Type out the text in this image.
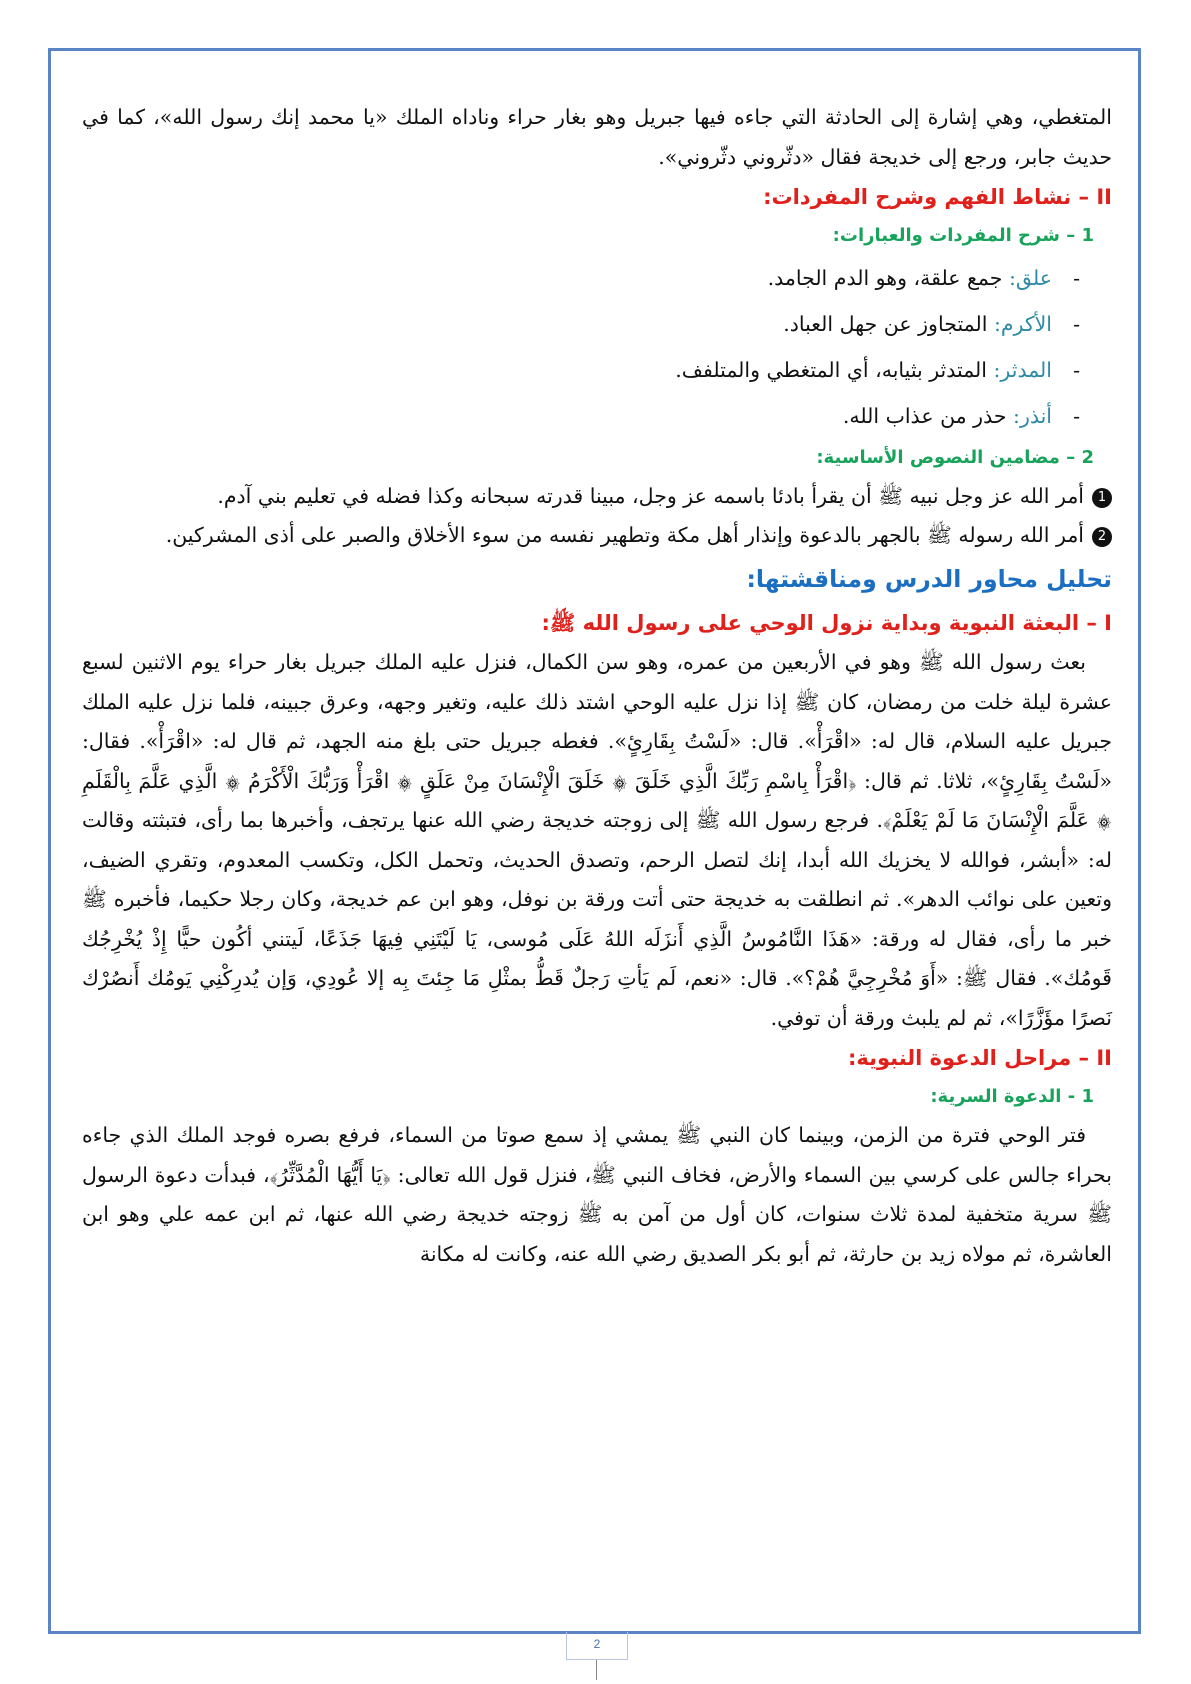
المتغطي، وهي إشارة إلى الحادثة التي جاءه فيها جبريل وهو بغار حراء وناداه الملك «يا محمد إنك رسول الله»، كما في حديث جابر، ورجع إلى خديجة فقال «دثّروني دثّروني».

II – نشاط الفهم وشرح المفردات:

1 – شرح المفردات والعبارات:

-علق: جمع علقة، وهو الدم الجامد.
-الأكرم: المتجاوز عن جهل العباد.
-المدثر: المتدثر بثيابه، أي المتغطي والمتلفف.
-أنذر: حذر من عذاب الله.

2 – مضامين النصوص الأساسية:

1أمر الله عز وجل نبيه ﷺ أن يقرأ بادئا باسمه عز وجل، مبينا قدرته سبحانه وكذا فضله في تعليم بني آدم.
2أمر الله رسوله ﷺ بالجهر بالدعوة وإنذار أهل مكة وتطهير نفسه من سوء الأخلاق والصبر على أذى المشركين.

تحليل محاور الدرس ومناقشتها:

I – البعثة النبوية وبداية نزول الوحي على رسول الله ﷺ:

بعث رسول الله ﷺ وهو في الأربعين من عمره، وهو سن الكمال، فنزل عليه الملك جبريل بغار حراء يوم الاثنين لسبع عشرة ليلة خلت من رمضان، كان ﷺ إذا نزل عليه الوحي اشتد ذلك عليه، وتغير وجهه، وعرق جبينه، فلما نزل عليه الملك جبريل عليه السلام، قال له: «اقْرَأْ». قال: «لَسْتُ بِقَارِئٍ». فغطه جبريل حتى بلغ منه الجهد، ثم قال له: «اقْرَأْ». فقال: «لَسْتُ بِقَارِئٍ»، ثلاثا. ثم قال: ﴿اقْرَأْ بِاسْمِ رَبِّكَ الَّذِي خَلَقَ ۞ خَلَقَ الْإِنْسَانَ مِنْ عَلَقٍ ۞ اقْرَأْ وَرَبُّكَ الْأَكْرَمُ ۞ الَّذِي عَلَّمَ بِالْقَلَمِ ۞ عَلَّمَ الْإِنْسَانَ مَا لَمْ يَعْلَمْ﴾. فرجع رسول الله ﷺ إلى زوجته خديجة رضي الله عنها يرتجف، وأخبرها بما رأى، فتبثته وقالت له: «أبشر، فوالله لا يخزيك الله أبدا، إنك لتصل الرحم، وتصدق الحديث، وتحمل الكل، وتكسب المعدوم، وتقري الضيف، وتعين على نوائب الدهر». ثم انطلقت به خديجة حتى أتت ورقة بن نوفل، وهو ابن عم خديجة، وكان رجلا حكيما، فأخبره ﷺ خبر ما رأى، فقال له ورقة: «هَذَا النَّامُوسُ الَّذِي أَنزَلَه اللهُ عَلَى مُوسى، يَا لَيْتَنِي فِيهَا جَذَعًا، لَيتني أكُون حيًّا إِذْ يُخْرِجُك قَومُك». فقال ﷺ: «أَوَ مُخْرِجِيَّ هُمْ؟». قال: «نعم، لَم يَأتِ رَجلٌ قَطُّ بمثْلِ مَا جِئتَ بِه إلا عُودِي، وَإن يُدرِكْنِي يَومُك أَنصُرْك نَصرًا مؤَزَّرًا»، ثم لم يلبث ورقة أن توفي.

II – مراحل الدعوة النبوية:

1 - الدعوة السرية:

فتر الوحي فترة من الزمن، وبينما كان النبي ﷺ يمشي إذ سمع صوتا من السماء، فرفع بصره فوجد الملك الذي جاءه بحراء جالس على كرسي بين السماء والأرض، فخاف النبي ﷺ، فنزل قول الله تعالى: ﴿يَا أَيُّهَا الْمُدَّثِّرُ﴾، فبدأت دعوة الرسول ﷺ سرية متخفية لمدة ثلاث سنوات، كان أول من آمن به ﷺ زوجته خديجة رضي الله عنها، ثم ابن عمه علي وهو ابن العاشرة، ثم مولاه زيد بن حارثة، ثم أبو بكر الصديق رضي الله عنه، وكانت له مكانة

2
